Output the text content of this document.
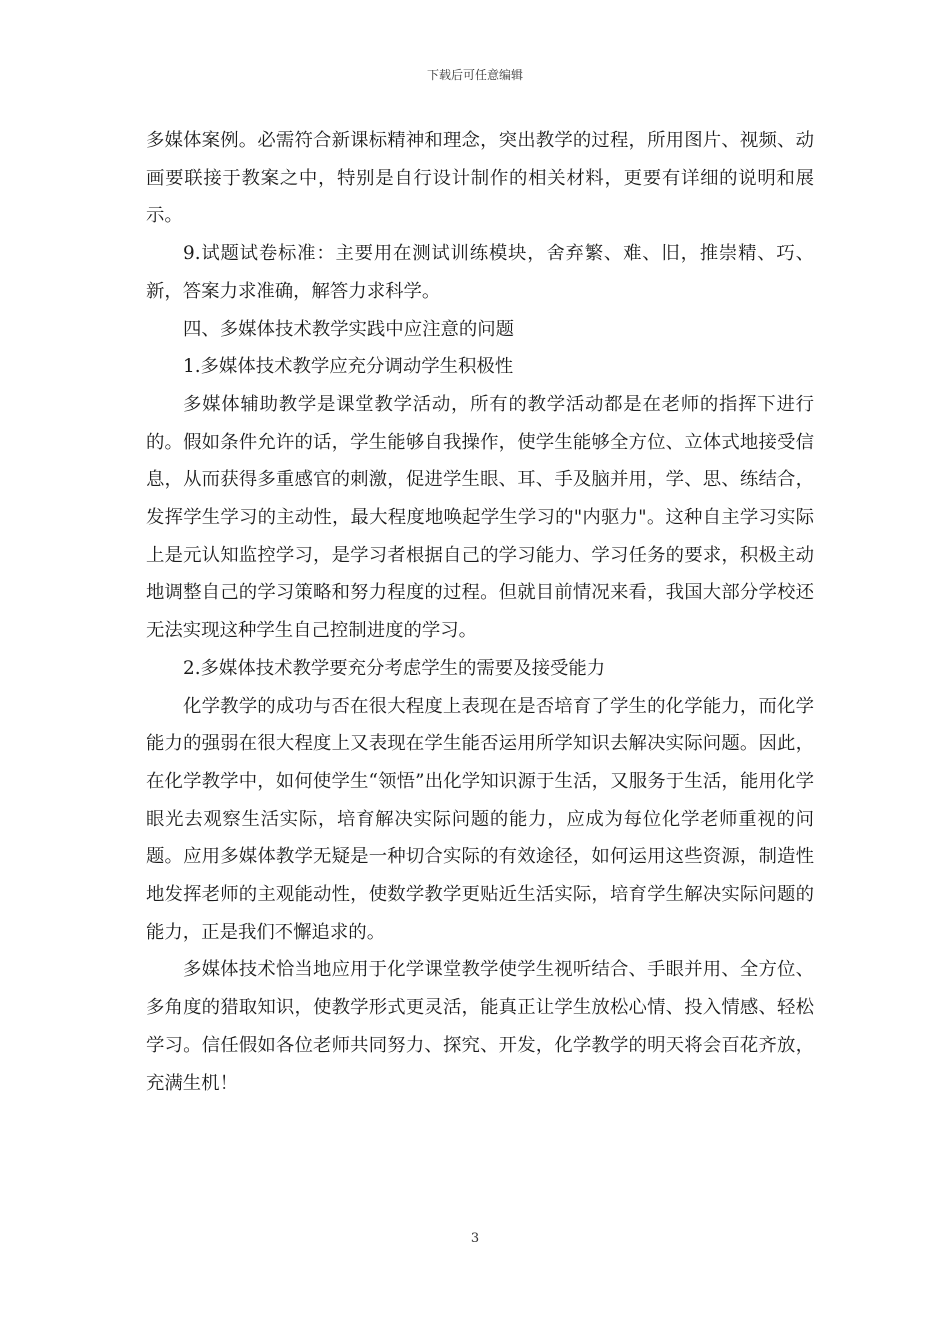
下载后可任意编辑

多媒体案例。必需符合新课标精神和理念，突出教学的过程，所用图片、视频、动画要联接于教案之中，特别是自行设计制作的相关材料，更要有详细的说明和展示。

9.试题试卷标准：主要用在测试训练模块，舍弃繁、难、旧，推崇精、巧、新，答案力求准确，解答力求科学。

四、多媒体技术教学实践中应注意的问题

1.多媒体技术教学应充分调动学生积极性

多媒体辅助教学是课堂教学活动，所有的教学活动都是在老师的指挥下进行的。假如条件允许的话，学生能够自我操作，使学生能够全方位、立体式地接受信息，从而获得多重感官的刺激，促进学生眼、耳、手及脑并用，学、思、练结合，发挥学生学习的主动性，最大程度地唤起学生学习的"内驱力"。这种自主学习实际上是元认知监控学习，是学习者根据自己的学习能力、学习任务的要求，积极主动地调整自己的学习策略和努力程度的过程。但就目前情况来看，我国大部分学校还无法实现这种学生自己控制进度的学习。

2.多媒体技术教学要充分考虑学生的需要及接受能力

化学教学的成功与否在很大程度上表现在是否培育了学生的化学能力，而化学能力的强弱在很大程度上又表现在学生能否运用所学知识去解决实际问题。因此，在化学教学中，如何使学生“领悟”出化学知识源于生活，又服务于生活，能用化学眼光去观察生活实际，培育解决实际问题的能力，应成为每位化学老师重视的问题。应用多媒体教学无疑是一种切合实际的有效途径，如何运用这些资源，制造性地发挥老师的主观能动性，使数学教学更贴近生活实际，培育学生解决实际问题的能力，正是我们不懈追求的。

多媒体技术恰当地应用于化学课堂教学使学生视听结合、手眼并用、全方位、多角度的猎取知识，使教学形式更灵活，能真正让学生放松心情、投入情感、轻松学习。信任假如各位老师共同努力、探究、开发，化学教学的明天将会百花齐放，充满生机！

3
